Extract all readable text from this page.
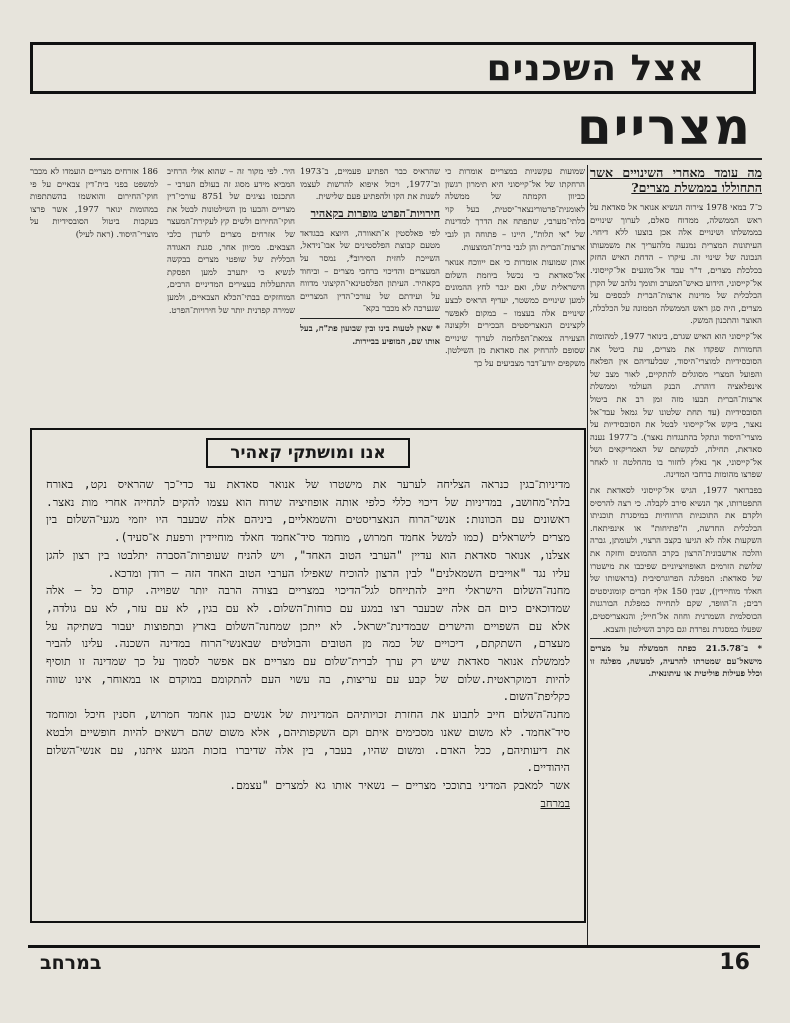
אצל השכנים
מצריים

מה עומד מאחרי השינויים אשר התחוללו בממשלת מצרים?

כ־7 במאי 1978 צירוה הנשיא אנואר אל סאדאת על ראש הממשלה, ממדוח סאלם, לערוך שינויים בממשלתו ושינויים אלה אכן בוצעו ללא דיחוי. העיתונות המצרית נמנעה מלהעריך את משמעותו הנכונה של שינוי זה. עיקרו – הדחת האיש החזק בכלכלת מצרים, ד"ר עבד אל־מונעים אל־קייסוני. אל־קייסוני, הידוע כאיש־המערב ותומך נלהב של הקרן הכלכלית של מדינות ארצות־הברית לכספים על מצרים, היה סגן ראש הממשלה הממונה על הכלכלה, האוצר והתכנון המשק.

אל־קייסוני הוא האיש שגרם, בינואר 1977, למהומות החמורות שפקדו את מצרים, עת ביטל את הסובסידיות למוצרי־היסוד, שבלעדיהם אין הפלאח והפועל המצרי מסוגלים להתקיים, לאור מצב של אינפלאציה דוהרת. הבנק העולמי וממשלת ארצות־הברית תבעו מזה זמן רב את ביטול הסובסידיות (עד תחת שלטונו של גמאל עבד־אל נאצר, ביקש אל־קייסוני לבטל את הסובסידיות על מוצרי־היסוד ונתקל בהתנגדות נאצר). ב־1977 נענה סאדאת, תחילה, לבקשתם של האמריקאים ושל אל־קייסוני, אך נאלץ לחזור בו מהחלטה זו לאחר שפרצו מהומות ברחבי המדינה.

בפברואר 1977, הגיש אל־קייסוני לסאדאת את התפטרותו, אך הנשיא סירב לקבלה. כי רצה להרסיס ולקדם את התוכניות הרווחיות במיסגרת תוכניתו הכלכלית החדשה, ה"פתיחות" או אינפיתאח. השקעות אלה לא הגיעו בקצב הרצוי, ולעומתן, גברה והלכה ארשבונית־הרצון בקרב ההמונים וחזקה את שלושת הזרמים האופוזיציוניים שפיכבו את מישטרו של סאדאת: המפלגה הפרוגרסיבית (בראשותו של חאלד מוחיידין), שבין 150 אלף חברים קומוניסטים רבים; ה־הוופד, שקם לתחייה כמפלגת הבורגנות הכוסלמית השמרנית וחוזה אל־חייל; והנאצריסטים, שפעלו במסגרת נפרדת וגם בקרב השילטון והצבא.

* ב־21.5.78 כפתה הממשלה על מצרים מישאל־עם שמטרתו להרעיה, למעשה, מפלגה זו וכלל פעילות פוליטית או עיתונאית.

שמועות עקשניות במצריים אומרות כי הרחקתו של אל־קייסוני היא תימרון רגשון כביוון הקמתה של ממשלה לאומנית־פרטורינצאר־יסטית, בעל קוי בלתי־מערבי, שתפתח את הדרך למדינות של "אי תלות", היינו – פתוחה הן לגבי ארצות־הברית והן לגבי ברית־המוצעות.

אותן שמועות אומרות כי אם ייווכח אנואר אל־סאדאת כי נכשל ביוזמת השלום הישראלית שלו, ואם יגבר לחץ ההמונים למען שינויים כמשטר, יעדיף הראיס לבצע שינויים אלה בעצמו – במקום לאפשר לקצינים הנאצריסטים הבכירים ולקצונה הצעירה צמאת־הפלחמה לערוך שינויים שסופם להרחיק את סאדאת מן השילטון. משקפים יודע־דבר מצביעים על כך

שהראיס כבר הפתיע פעמיים, ב־1973 וב־1977, ויכול איפוא להרשות לעצמו לשנות את הקו ולהפתיע פעם שלישית.

חירויות־הפרט מופרות בקאהיר

לפי פאלסטין א־תאוורה, היוצא בבגדאד מטעם קבוצת הפלסטינים של אבו־נידאל, השייכת לחזית הסירוב*, נמסר על המעצרים והדיכוי ברחבי מצרים – וביחוד בקאהיר. העיתון הפלסטינאי־הקיצוני מדווח על ועידתם של עורכי־הדין המצריים שנערכה לא מכבר בקא־

* שאין לטעות בינו ובין שבועון פת"ח, בעל אותו שם, המופיע בביירות.

היר. לפי מקור זה – שהוא אולי הרחיב המביא מידע מסוג זה בעולם הערבי – התכנסו נציגים של 8751 עורכי־דין מצריים והבעו מן השילטונות לבטל את חוקי־החירום ולשים קץ לעקירת־המעצר של אזרחים מצרים לרעדן כלבי הצבאים. מכיוון אחר, סגנת האגודה הכללית של שופטי מצרים בבקשה לנשיא כי יתערב למען הפסקת ההתעללות בעצירים המדיניים הרבים, המוחזקים בבתי־הכלא הצבאיים, ולמען שמירה קפדנית יותר של חירויות־הפרט.
186 אזרחים מצריים הועמדו לא מכבר למשפט בפני בית־דין צבאיים על פי חוקי־החירום והואשמו בהשתתפות במהומות ינואר 1977, אשר פרצו בעקבות ביטול הסובסידיות על מוצרי־היסוד. (ראה לעיל)
אנו ומושתקי קאהיר

מדיניות־בגין כנראה הצליחה לערער את מישטרו של אנואר סאדאת עד כדי־כך שהראיס נקט, באורח בלתי־מחושב, במדיניות של דיכוי כללי כלפי אותה אופוזיציה שרוח הוא עצמו להקים לתחייה אחרי מות נאצר. ראשונים עם הכוונות: אנשי־הרוח הנאצריסטים והשמאליים, ביניהם אלה שבעבר היו יוזמי מגעי־השלום בין מצרים לישראלים (כמו למשל אחמד חמרוש, מוחמד סיד־אחמד חאלד מוחיידין ורפעת א־סעיד).

אצלנו, אנואר סאדאת הוא עדיין "הערבי הטוב האחד", ויש להניח שעופרות־הסברה יתלבטו בין רצון להגן עליו נגד "אוייבים השמאלנים" לבין הרצון להוכיח שאפילו הערבי הטוב האחד הזה – רודן ומדכא.

מחנה־השלום הישראלי חייב להתייחס לגל־הדיכוי במצריים בצורה הרבה יותר שפוייה. קודם כל – אלה שמדוכאים כיום הם אלה שבעבר רצו במגע עם כוחות־השלום. לא עם בגין, לא עם עזר, לא עם גולדה, אלא עם השפויים והישרים שבמדינת־ישראל. לא ייתכן שמחנה־השלום בארץ ובתפוצות יעבור בשתיקה על מעצרם, השתקתם, דיכויים של כמה מן הטובים והבולטים שבאנשי־הרוח במדינה השכנה. עלינו להביר לממשלת אנואר סאדאת שיש רק ערך לברית־שלום עם מצריים אם אפשר לסמוך על כך שמדינה זו תוסיף להיות דמוקראטית.שלום של קבע עם עריצות, בה עשוי העם להתקומם במוקדם או במאוחר, אינו שווה כקליפת־השום.

מחנה־השלום חייב לתבוע את החזרת זכויותיהם המדיניות של אנשים כגון אחמד חמרוש, חסנין חיכל ומוחמד סיד־אחמד. לא משום שאנו מסכימים איתם וקם השקפותיהם, אלא משום שהם רשאים להיות חופשיים ולבטא את דיעותיהם, ככל האדם. ומשום שהיו, בעבר, בין אלה שדיברו בזכות המגע איתנו, עם אנשי־השלום היהודיים.

אשר למאבק המדיני בתוככי מצריים – נשאיר אותו גא למצרים "עצמם.

במרחב

16

במרחב
